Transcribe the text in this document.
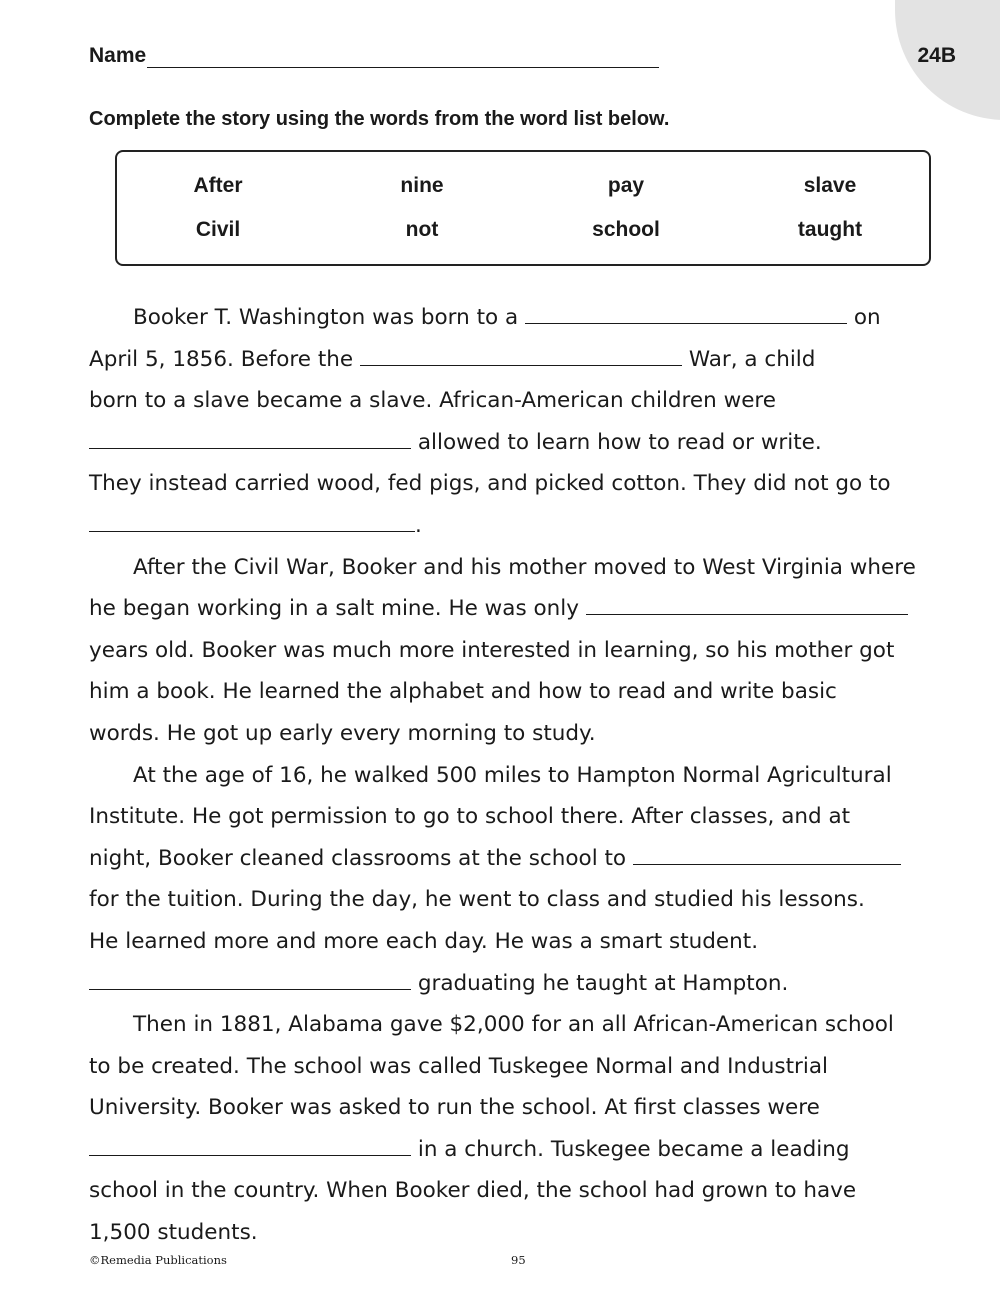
24B
Name
Complete the story using the words from the word list below.
After	nine	pay	slave
Civil	not	school	taught
Booker T. Washington was born to a	on
April 5, 1856. Before the	War, a child
born to a slave became a slave. African-American children were
allowed to learn how to read or write.
They instead carried wood, fed pigs, and picked cotton. They did not go to
.
After the Civil War, Booker and his mother moved to West Virginia where
he began working in a salt mine. He was only
years old. Booker was much more interested in learning, so his mother got
him a book. He learned the alphabet and how to read and write basic
words. He got up early every morning to study.
At the age of 16, he walked 500 miles to Hampton Normal Agricultural
Institute. He got permission to go to school there. After classes, and at
night, Booker cleaned classrooms at the school to
for the tuition. During the day, he went to class and studied his lessons.
He learned more and more each day. He was a smart student.
graduating he taught at Hampton.
Then in 1881, Alabama gave $2,000 for an all African-American school
to be created. The school was called Tuskegee Normal and Industrial
University. Booker was asked to run the school. At first classes were
in a church. Tuskegee became a leading
school in the country. When Booker died, the school had grown to have
1,500 students.
©Remedia Publications	95
